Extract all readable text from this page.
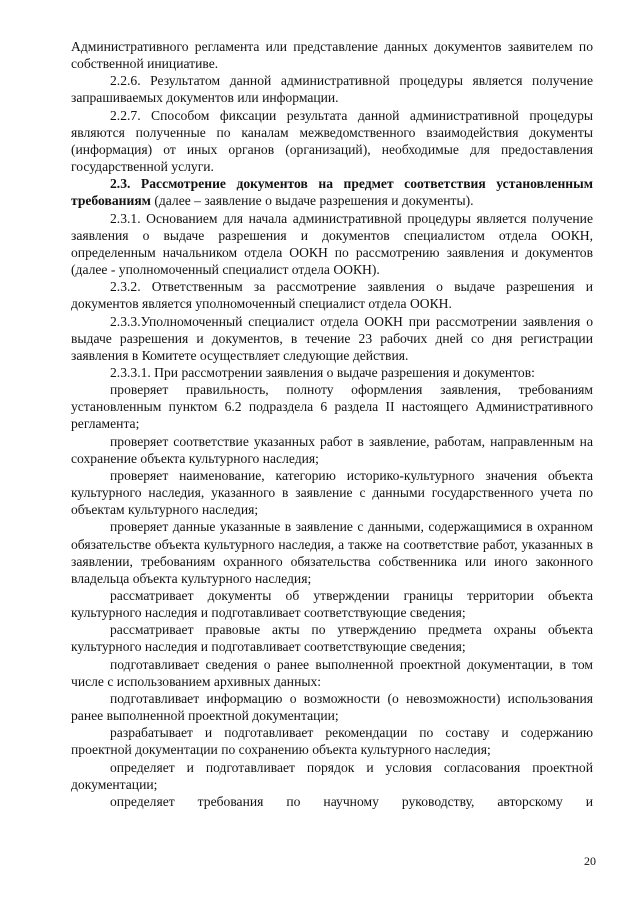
Административного регламента или представление данных документов заявителем по собственной инициативе.

2.2.6. Результатом данной административной процедуры является получение запрашиваемых документов или информации.

2.2.7. Способом фиксации результата данной административной процедуры являются полученные по каналам межведомственного взаимодействия документы (информация) от иных органов (организаций), необходимые для предоставления государственной услуги.

2.3. Рассмотрение документов на предмет соответствия установленным требованиям (далее – заявление о выдаче разрешения и документы).

2.3.1. Основанием для начала административной процедуры является получение заявления о выдаче разрешения и документов специалистом отдела ООКН, определенным начальником отдела ООКН по рассмотрению заявления и документов (далее - уполномоченный специалист отдела ООКН).

2.3.2. Ответственным за рассмотрение заявления о выдаче разрешения и документов является уполномоченный специалист отдела ООКН.

2.3.3.Уполномоченный специалист отдела ООКН при рассмотрении заявления о выдаче разрешения и документов, в течение 23 рабочих дней со дня регистрации заявления в Комитете осуществляет следующие действия.

2.3.3.1. При рассмотрении заявления о выдаче разрешения и документов:

проверяет правильность, полноту оформления заявления, требованиям установленным пунктом 6.2 подраздела 6 раздела II настоящего Административного регламента;

проверяет соответствие указанных работ в заявление, работам, направленным на сохранение объекта культурного наследия;

проверяет наименование, категорию историко-культурного значения объекта культурного наследия, указанного в заявление с данными государственного учета по объектам культурного наследия;

проверяет данные указанные в заявление с данными, содержащимися в охранном обязательстве объекта культурного наследия, а также на соответствие работ, указанных в заявлении, требованиям охранного обязательства собственника или иного законного владельца объекта культурного наследия;

рассматривает документы об утверждении границы территории объекта культурного наследия и подготавливает соответствующие сведения;

рассматривает правовые акты по утверждению предмета охраны объекта культурного наследия и подготавливает соответствующие сведения;

подготавливает сведения о ранее выполненной проектной документации, в том числе с использованием архивных данных:

подготавливает информацию о возможности (о невозможности) использования ранее выполненной проектной документации;

разрабатывает и подготавливает рекомендации по составу и содержанию проектной документации по сохранению объекта культурного наследия;

определяет и подготавливает порядок и условия согласования проектной документации;

определяет требования по научному руководству, авторскому и

20
